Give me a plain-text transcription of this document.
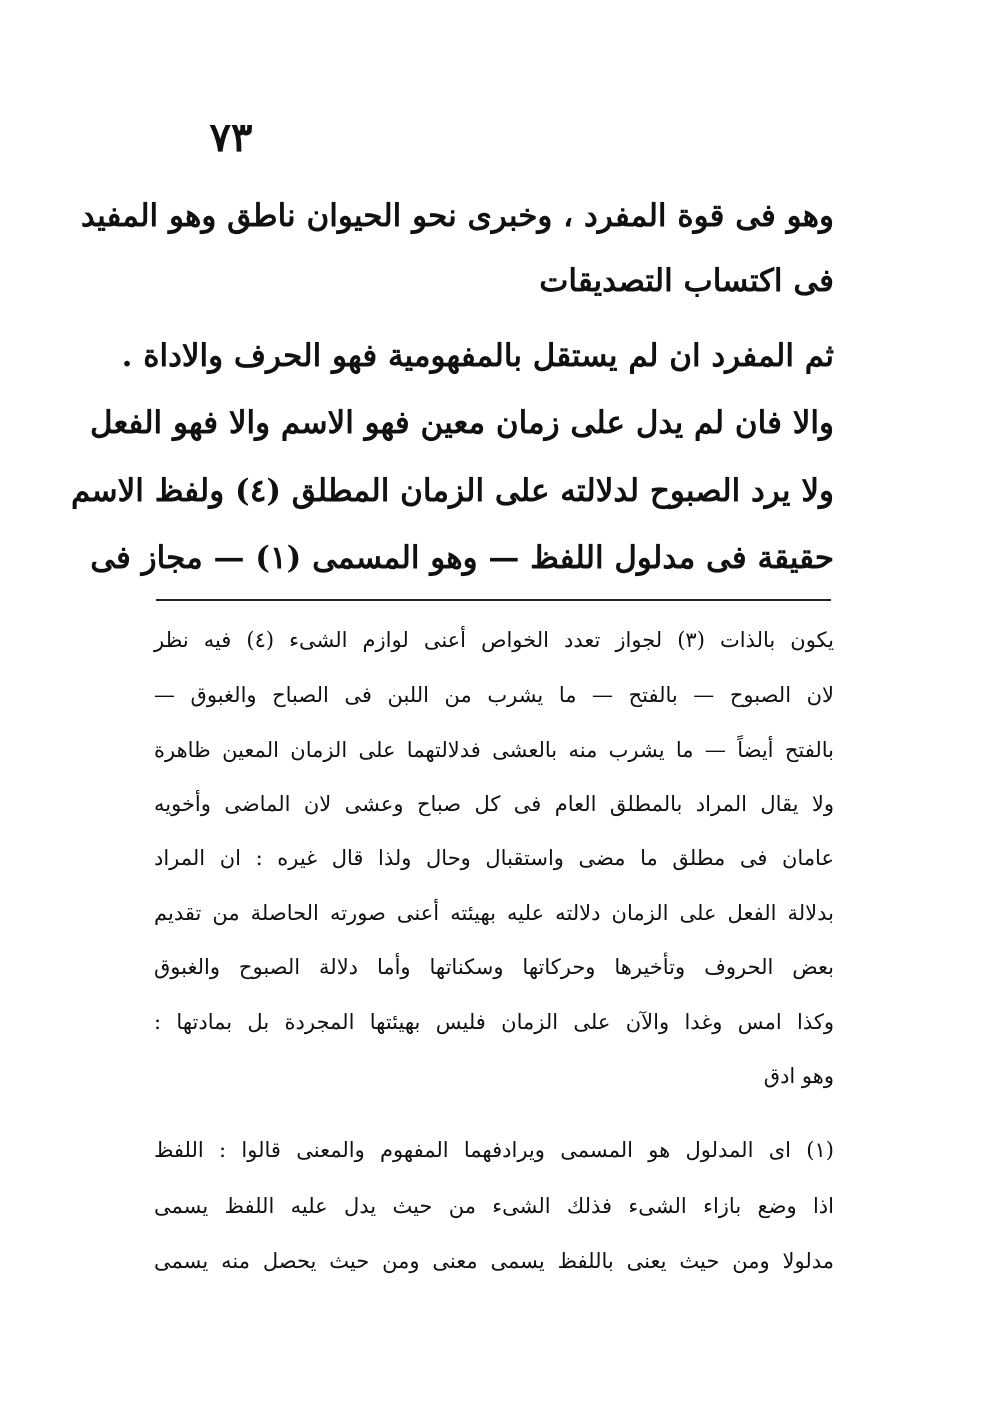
٧٣
وهو فى قوة المفرد ، وخبرى نحو الحيوان ناطق وهو المفيد
فى اكتساب التصديقات
ثم المفرد ان لم يستقل بالمفهومية فهو الحرف والاداة .
والا فان لم يدل على زمان معين فهو الاسم والا فهو الفعل
ولا يرد الصبوح لدلالته على الزمان المطلق (٤) ولفظ الاسم
حقيقة فى مدلول اللفظ — وهو المسمى (١) — مجاز فى
يكون بالذات (٣) لجواز تعدد الخواص أعنى لوازم الشىء (٤) فيه نظر
لان الصبوح — بالفتح — ما يشرب من اللبن فى الصباح والغبوق —
بالفتح أيضاً — ما يشرب منه بالعشى فدلالتهما على الزمان المعين ظاهرة
ولا يقال المراد بالمطلق العام فى كل صباح وعشى لان الماضى وأخويه
عامان فى مطلق ما مضى واستقبال وحال ولذا قال غيره : ان المراد
بدلالة الفعل على الزمان دلالته عليه بهيئته أعنى صورته الحاصلة من تقديم
بعض الحروف وتأخيرها وحركاتها وسكناتها وأما دلالة الصبوح والغبوق
وكذا امس وغدا والآن على الزمان فليس بهيئتها المجردة بل بمادتها :
وهو ادق
(١) اى المدلول هو المسمى ويرادفهما المفهوم والمعنى قالوا : اللفظ
اذا وضع بازاء الشىء فذلك الشىء من حيث يدل عليه اللفظ يسمى
مدلولا ومن حيث يعنى باللفظ يسمى معنى ومن حيث يحصل منه يسمى
